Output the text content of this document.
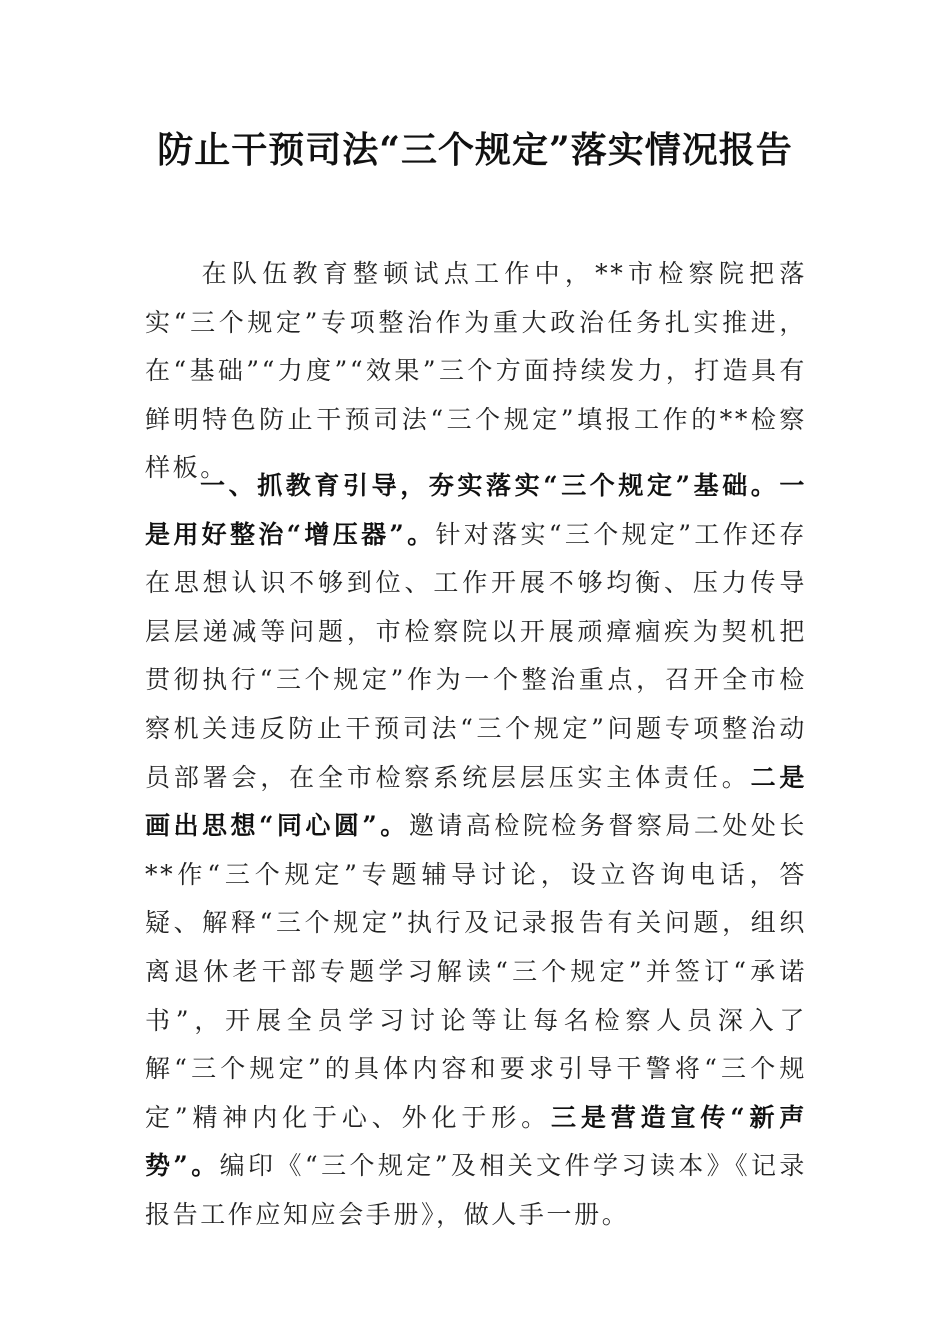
防止干预司法“三个规定”落实情况报告

在队伍教育整顿试点工作中，**市检察院把落实“三个规定”专项整治作为重大政治任务扎实推进，在“基础”“力度”“效果”三个方面持续发力，打造具有鲜明特色防止干预司法“三个规定”填报工作的**检察样板。

一、抓教育引导，夯实落实“三个规定”基础。一是用好整治“增压器”。针对落实“三个规定”工作还存在思想认识不够到位、工作开展不够均衡、压力传导层层递减等问题，市检察院以开展顽瘴痼疾为契机把贯彻执行“三个规定”作为一个整治重点，召开全市检察机关违反防止干预司法“三个规定”问题专项整治动员部署会，在全市检察系统层层压实主体责任。二是画出思想“同心圆”。邀请高检院检务督察局二处处长**作“三个规定”专题辅导讨论，设立咨询电话，答疑、解释“三个规定”执行及记录报告有关问题，组织离退休老干部专题学习解读“三个规定”并签订“承诺书”，开展全员学习讨论等让每名检察人员深入了解“三个规定”的具体内容和要求引导干警将“三个规定”精神内化于心、外化于形。三是营造宣传“新声势”。编印《“三个规定”及相关文件学习读本》《记录报告工作应知应会手册》，做人手一册。
